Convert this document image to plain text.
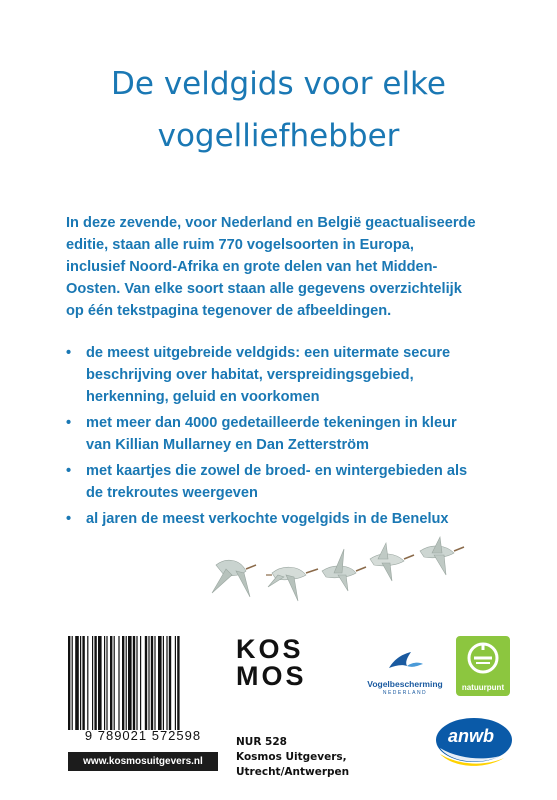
De veldgids voor elke
vogelliefhebber
In deze zevende, voor Nederland en België geactualiseerde
editie, staan alle ruim 770 vogelsoorten in Europa,
inclusief Noord-Afrika en grote delen van het Midden-
Oosten. Van elke soort staan alle gegevens overzichtelijk
op één tekstpagina tegenover de afbeeldingen.
• de meest uitgebreide veldgids: een uitermate secure
beschrijving over habitat, verspreidingsgebied,
herkenning, geluid en voorkomen
• met meer dan 4000 gedetailleerde tekeningen in kleur
van Killian Mullarney en Dan Zetterström
• met kaartjes die zowel de broed- en wintergebieden als
de trekroutes weergeven
• al jaren de meest verkochte vogelgids in de Benelux
9 789021 572598
www.kosmosuitgevers.nl
KOS
MOS
NUR 528
Kosmos Uitgevers,
Utrecht/Antwerpen
Vogelbescherming
NEDERLAND
natuurpunt
anwb
